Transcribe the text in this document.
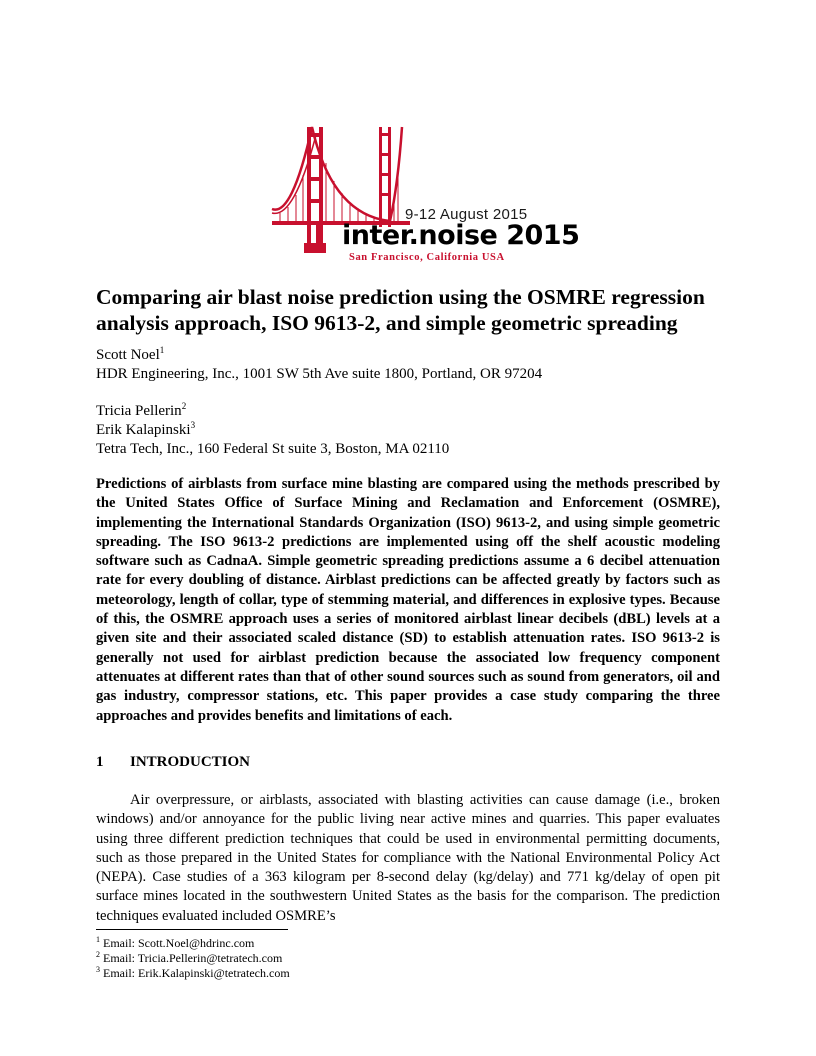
9-12 August 2015
inter.noise 2015
San Francisco, California USA
Comparing air blast noise prediction using the OSMRE regression analysis approach, ISO 9613-2, and simple geometric spreading

Scott Noel$^1$

HDR Engineering, Inc., 1001 SW 5th Ave suite 1800, Portland, OR 97204

Tricia Pellerin$^2$

Erik Kalapinski$^3$

Tetra Tech, Inc., 160 Federal St suite 3, Boston, MA 02110

Predictions of airblasts from surface mine blasting are compared using the methods prescribed by the United States Office of Surface Mining and Reclamation and Enforcement (OSMRE), implementing the International Standards Organization (ISO) 9613-2, and using simple geometric spreading. The ISO 9613-2 predictions are implemented using off the shelf acoustic modeling software such as CadnaA. Simple geometric spreading predictions assume a 6 decibel attenuation rate for every doubling of distance. Airblast predictions can be affected greatly by factors such as meteorology, length of collar, type of stemming material, and differences in explosive types. Because of this, the OSMRE approach uses a series of monitored airblast linear decibels (dBL) levels at a given site and their associated scaled distance (SD) to establish attenuation rates. ISO 9613-2 is generally not used for airblast prediction because the associated low frequency component attenuates at different rates than that of other sound sources such as sound from generators, oil and gas industry, compressor stations, etc. This paper provides a case study comparing the three approaches and provides benefits and limitations of each.

1 INTRODUCTION

Air overpressure, or airblasts, associated with blasting activities can cause damage (i.e., broken windows) and/or annoyance for the public living near active mines and quarries. This paper evaluates using three different prediction techniques that could be used in environmental permitting documents, such as those prepared in the United States for compliance with the National Environmental Policy Act (NEPA). Case studies of a 363 kilogram per 8-second delay (kg/delay) and 771 kg/delay of open pit surface mines located in the southwestern United States as the basis for the comparison. The prediction techniques evaluated included OSMRE’s

$^1$ Email: Scott.Noel@hdrinc.com

$^2$ Email: Tricia.Pellerin@tetratech.com

$^3$ Email: Erik.Kalapinski@tetratech.com
